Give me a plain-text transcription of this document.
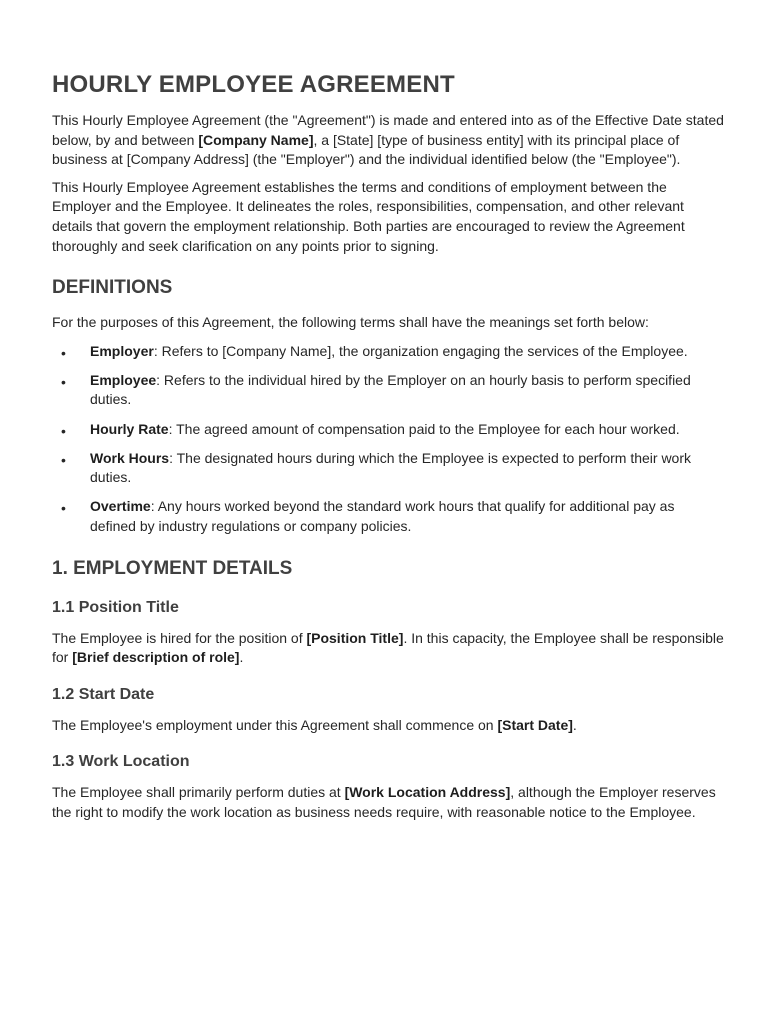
HOURLY EMPLOYEE AGREEMENT

This Hourly Employee Agreement (the "Agreement") is made and entered into as of the Effective Date stated below, by and between [Company Name], a [State] [type of business entity] with its principal place of business at [Company Address] (the "Employer") and the individual identified below (the "Employee").

This Hourly Employee Agreement establishes the terms and conditions of employment between the Employer and the Employee. It delineates the roles, responsibilities, compensation, and other relevant details that govern the employment relationship. Both parties are encouraged to review the Agreement thoroughly and seek clarification on any points prior to signing.

DEFINITIONS

For the purposes of this Agreement, the following terms shall have the meanings set forth below:

• Employer: Refers to [Company Name], the organization engaging the services of the Employee.
• Employee: Refers to the individual hired by the Employer on an hourly basis to perform specified duties.
• Hourly Rate: The agreed amount of compensation paid to the Employee for each hour worked.
• Work Hours: The designated hours during which the Employee is expected to perform their work duties.
• Overtime: Any hours worked beyond the standard work hours that qualify for additional pay as defined by industry regulations or company policies.
1. EMPLOYMENT DETAILS
1.1 Position Title

The Employee is hired for the position of [Position Title]. In this capacity, the Employee shall be responsible for [Brief description of role].

1.2 Start Date

The Employee's employment under this Agreement shall commence on [Start Date].

1.3 Work Location

The Employee shall primarily perform duties at [Work Location Address], although the Employer reserves the right to modify the work location as business needs require, with reasonable notice to the Employee.
